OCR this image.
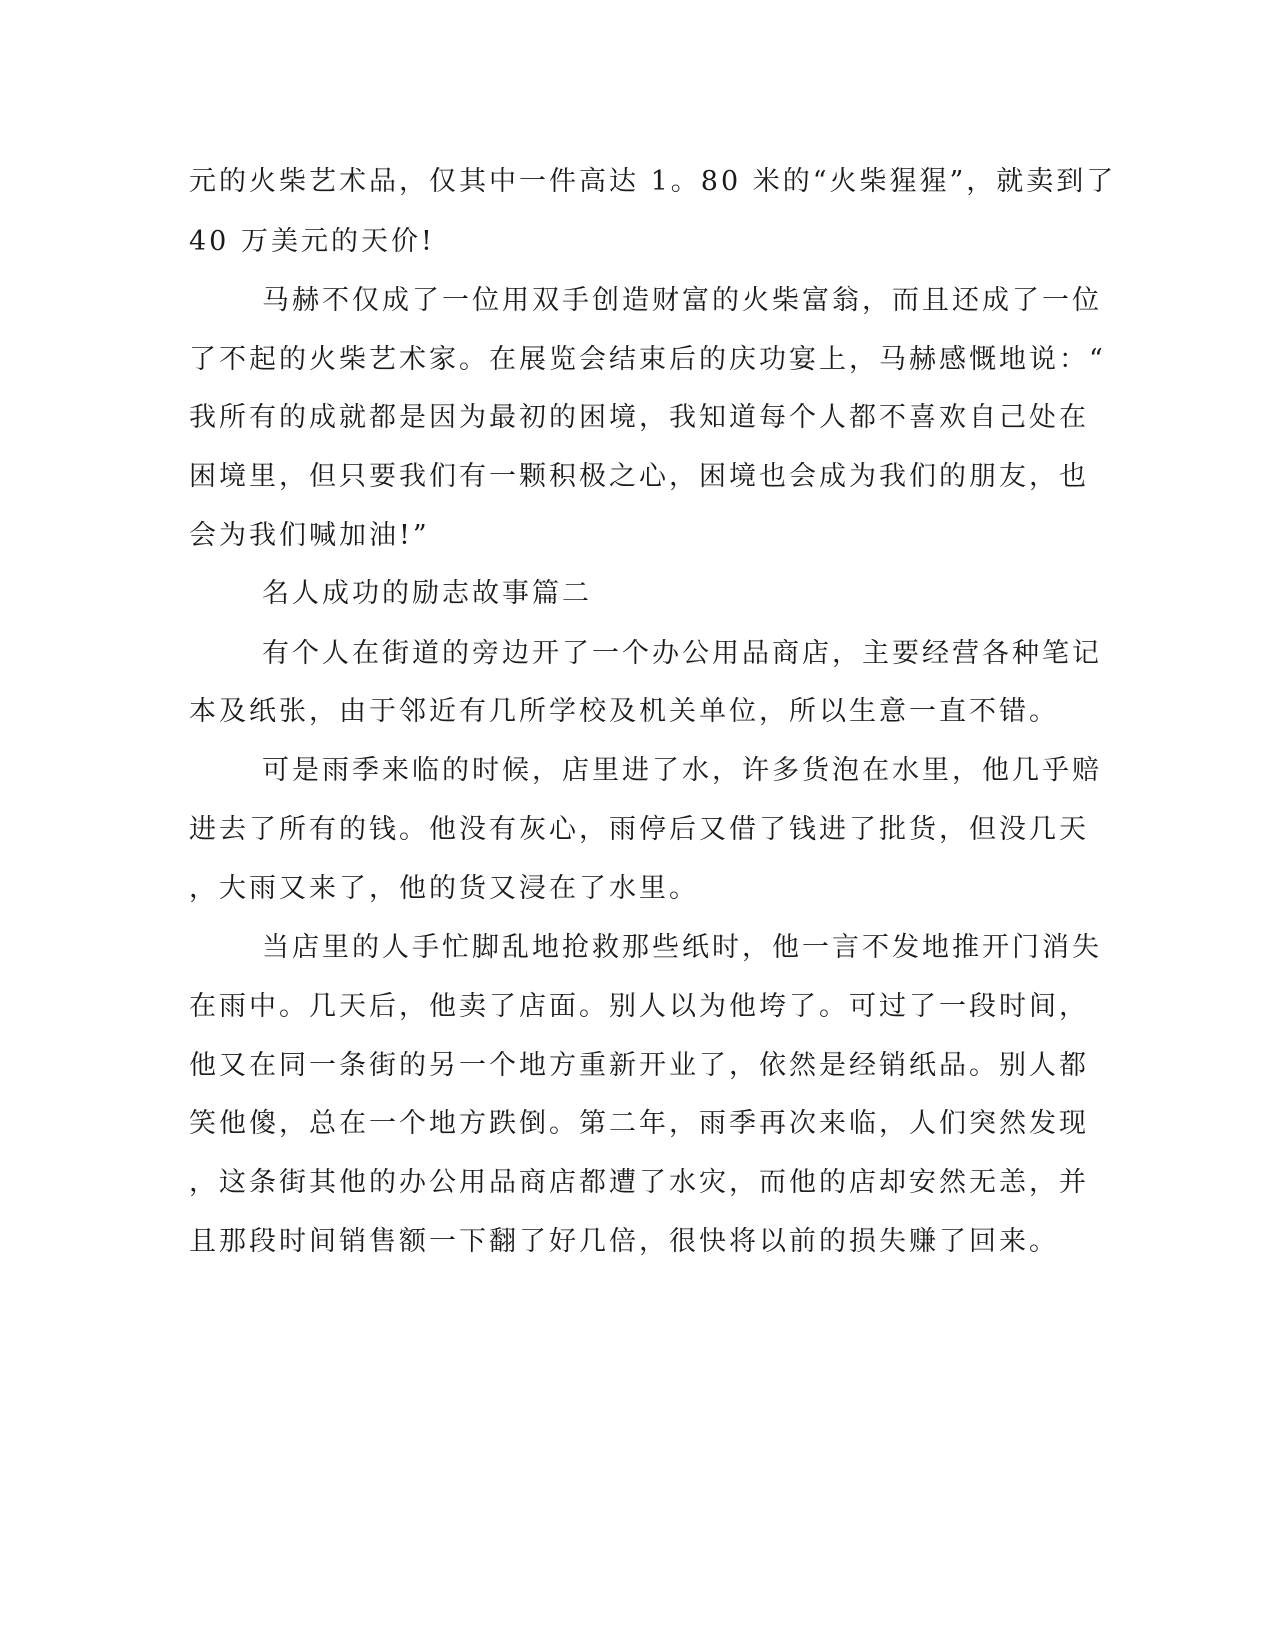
元的火柴艺术品，仅其中一件高达 1。80 米的“火柴猩猩”，就卖到了
40 万美元的天价!
马赫不仅成了一位用双手创造财富的火柴富翁，而且还成了一位
了不起的火柴艺术家。在展览会结束后的庆功宴上，马赫感慨地说：“
我所有的成就都是因为最初的困境，我知道每个人都不喜欢自己处在
困境里，但只要我们有一颗积极之心，困境也会成为我们的朋友，也
会为我们喊加油!”
名人成功的励志故事篇二
有个人在街道的旁边开了一个办公用品商店，主要经营各种笔记
本及纸张，由于邻近有几所学校及机关单位，所以生意一直不错。
可是雨季来临的时候，店里进了水，许多货泡在水里，他几乎赔
进去了所有的钱。他没有灰心，雨停后又借了钱进了批货，但没几天
，大雨又来了，他的货又浸在了水里。
当店里的人手忙脚乱地抢救那些纸时，他一言不发地推开门消失
在雨中。几天后，他卖了店面。别人以为他垮了。可过了一段时间，
他又在同一条街的另一个地方重新开业了，依然是经销纸品。别人都
笑他傻，总在一个地方跌倒。第二年，雨季再次来临，人们突然发现
，这条街其他的办公用品商店都遭了水灾，而他的店却安然无恙，并
且那段时间销售额一下翻了好几倍，很快将以前的损失赚了回来。
